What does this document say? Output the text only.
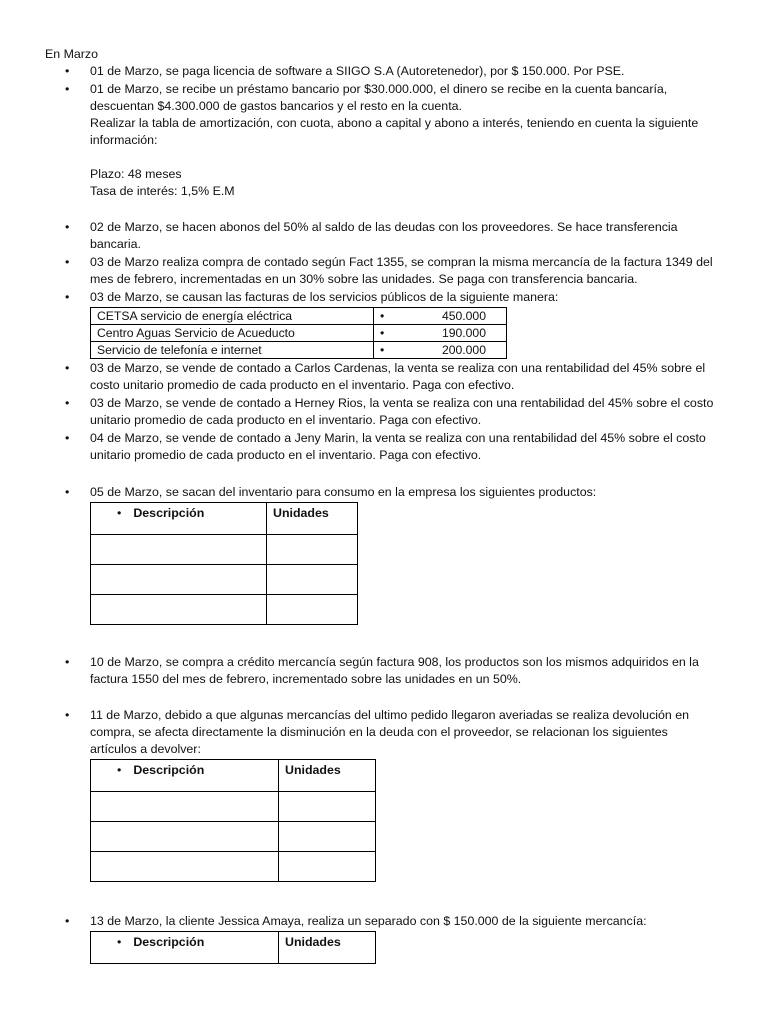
En Marzo
• 01 de Marzo, se paga licencia de software a SIIGO S.A (Autoretenedor), por $ 150.000. Por PSE.

• 01 de Marzo, se recibe un préstamo bancario por $30.000.000, el dinero se recibe en la cuenta bancaría,

descuentan $4.300.000 de gastos bancarios y el resto en la cuenta.

Realizar la tabla de amortización, con cuota, abono a capital y abono a interés, teniendo en cuenta la siguiente

información:

Plazo: 48 meses

Tasa de interés: 1,5% E.M

• 02 de Marzo, se hacen abonos del 50% al saldo de las deudas con los proveedores. Se hace transferencia

bancaria.

• 03 de Marzo realiza compra de contado según Fact 1355, se compran la misma mercancía de la factura 1349 del

mes de febrero, incrementadas en un 30% sobre las unidades. Se paga con transferencia bancaria.

• 03 de Marzo, se causan las facturas de los servicios públicos de la siguiente manera:

CETSA servicio de energía eléctrica	• 450.000
Centro Aguas Servicio de Acueducto	• 190.000
Servicio de telefonía e internet	• 200.000
• 03 de Marzo, se vende de contado a Carlos Cardenas, la venta se realiza con una rentabilidad del 45% sobre el

costo unitario promedio de cada producto en el inventario. Paga con efectivo.

• 03 de Marzo, se vende de contado a Herney Rios, la venta se realiza con una rentabilidad del 45% sobre el costo

unitario promedio de cada producto en el inventario. Paga con efectivo.

• 04 de Marzo, se vende de contado a Jeny Marin, la venta se realiza con una rentabilidad del 45% sobre el costo

unitario promedio de cada producto en el inventario. Paga con efectivo.

• 05 de Marzo, se sacan del inventario para consumo en la empresa los siguientes productos:

• Descripción	Unidades

• 10 de Marzo, se compra a crédito mercancía según factura 908, los productos son los mismos adquiridos en la

factura 1550 del mes de febrero, incrementado sobre las unidades en un 50%.

• 11 de Marzo, debido a que algunas mercancías del ultimo pedido llegaron averiadas se realiza devolución en

compra, se afecta directamente la disminución en la deuda con el proveedor, se relacionan los siguientes

artículos a devolver:

• Descripción	Unidades

• 13 de Marzo, la cliente Jessica Amaya, realiza un separado con $ 150.000 de la siguiente mercancía:

• Descripción	Unidades
